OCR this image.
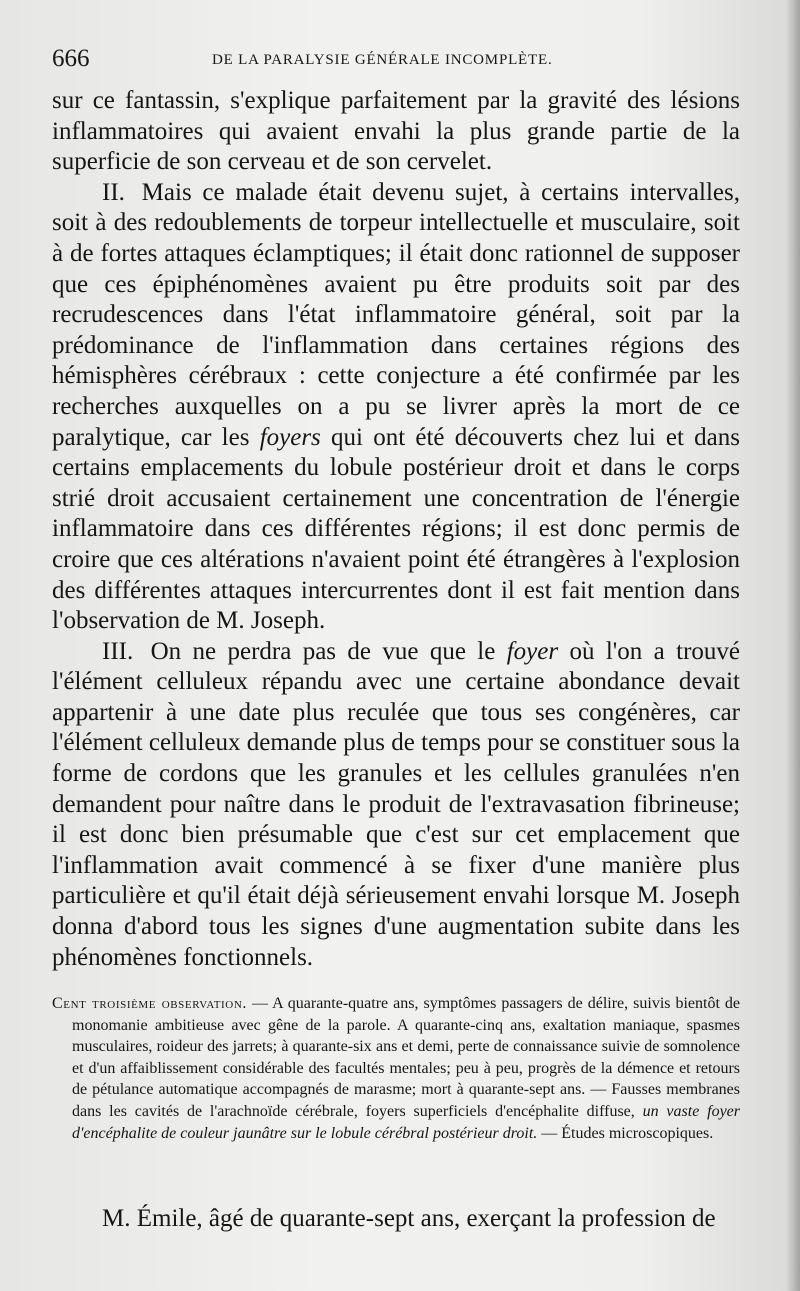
666	DE LA PARALYSIE GÉNÉRALE INCOMPLÈTE.

sur ce fantassin, s'explique parfaitement par la gravité des lésions inflammatoires qui avaient envahi la plus grande partie de la superficie de son cerveau et de son cervelet.

II. Mais ce malade était devenu sujet, à certains intervalles, soit à des redoublements de torpeur intellectuelle et musculaire, soit à de fortes attaques éclamptiques; il était donc rationnel de supposer que ces épiphénomènes avaient pu être produits soit par des recrudescences dans l'état inflammatoire général, soit par la prédominance de l'inflammation dans certaines régions des hémisphères cérébraux : cette conjecture a été confirmée par les recherches auxquelles on a pu se livrer après la mort de ce paralytique, car les foyers qui ont été découverts chez lui et dans certains emplacements du lobule postérieur droit et dans le corps strié droit accusaient certainement une concentration de l'énergie inflammatoire dans ces différentes régions; il est donc permis de croire que ces altérations n'avaient point été étrangères à l'explosion des différentes attaques intercurrentes dont il est fait mention dans l'observation de M. Joseph.

III. On ne perdra pas de vue que le foyer où l'on a trouvé l'élément celluleux répandu avec une certaine abondance devait appartenir à une date plus reculée que tous ses congénères, car l'élément celluleux demande plus de temps pour se constituer sous la forme de cordons que les granules et les cellules granulées n'en demandent pour naître dans le produit de l'extravasation fibrineuse; il est donc bien présumable que c'est sur cet emplacement que l'inflammation avait commencé à se fixer d'une manière plus particulière et qu'il était déjà sérieusement envahi lorsque M. Joseph donna d'abord tous les signes d'une augmentation subite dans les phénomènes fonctionnels.

Cent troisième observation. — A quarante-quatre ans, symptômes passagers de délire, suivis bientôt de monomanie ambitieuse avec gêne de la parole. A quarante-cinq ans, exaltation maniaque, spasmes musculaires, roideur des jarrets; à quarante-six ans et demi, perte de connaissance suivie de somnolence et d'un affaiblissement considérable des facultés mentales; peu à peu, progrès de la démence et retours de pétulance automatique accompagnés de marasme; mort à quarante-sept ans. — Fausses membranes dans les cavités de l'arachnoïde cérébrale, foyers superficiels d'encéphalite diffuse, un vaste foyer d'encéphalite de couleur jaunâtre sur le lobule cérébral postérieur droit. — Études microscopiques.
M. Émile, âgé de quarante-sept ans, exerçant la profession de
